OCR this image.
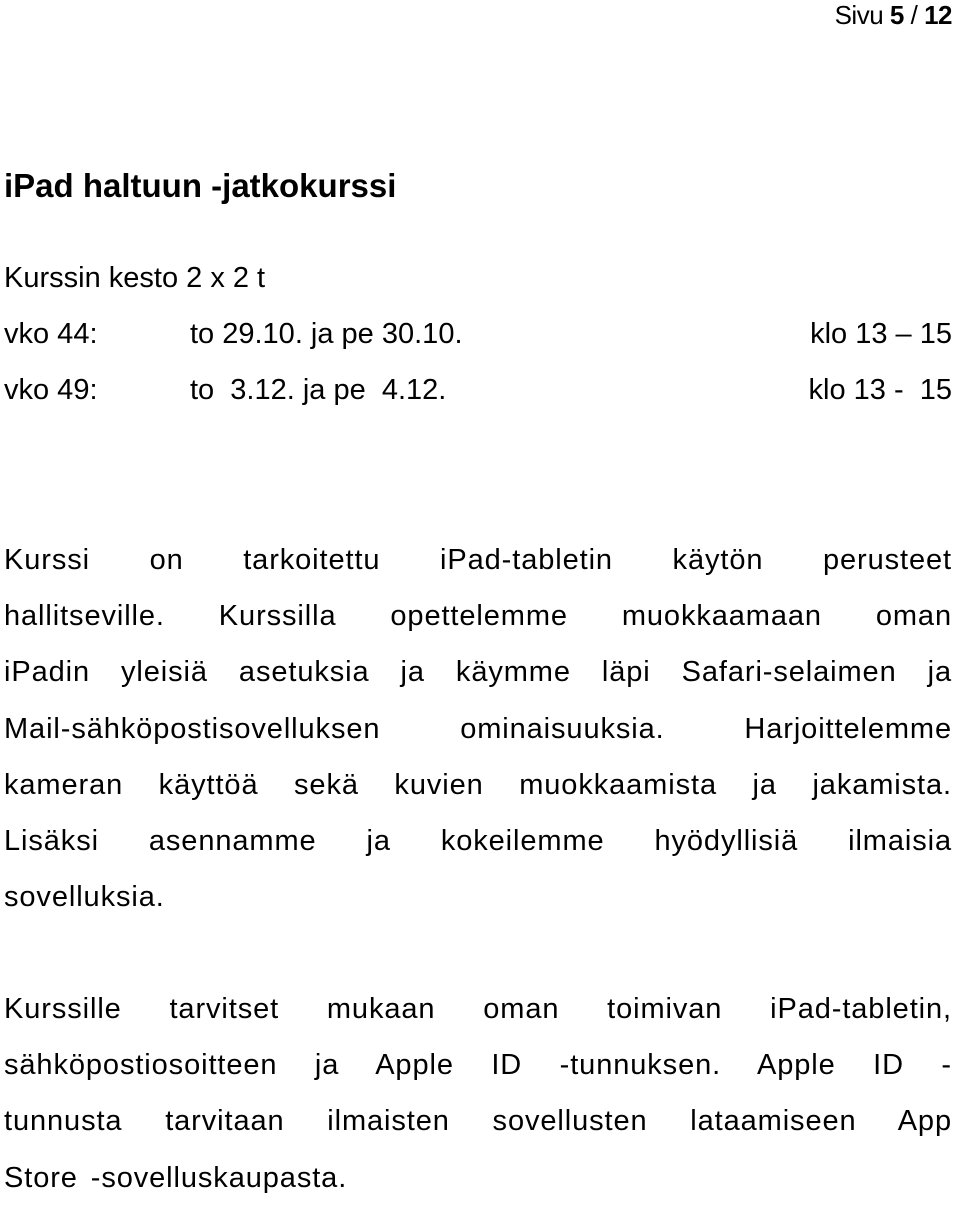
Sivu 5 / 12
iPad haltuun -jatkokurssi
Kurssin kesto 2 x 2 t
vko 44:	to 29.10. ja pe 30.10.	klo 13 – 15
vko 49:	to  3.12. ja pe  4.12.	klo 13 -  15
Kurssi on tarkoitettu iPad-tabletin käytön perusteet
hallitseville. Kurssilla opettelemme muokkaamaan oman
iPadin yleisiä asetuksia ja käymme läpi Safari-selaimen ja
Mail-sähköpostisovelluksen ominaisuuksia. Harjoittelemme
kameran käyttöä sekä kuvien muokkaamista ja jakamista.
Lisäksi asennamme ja kokeilemme hyödyllisiä ilmaisia
sovelluksia.
Kurssille tarvitset mukaan oman toimivan iPad-tabletin,
sähköpostiosoitteen ja Apple ID -tunnuksen. Apple ID -
tunnusta tarvitaan ilmaisten sovellusten lataamiseen App
Store -sovelluskaupasta.
